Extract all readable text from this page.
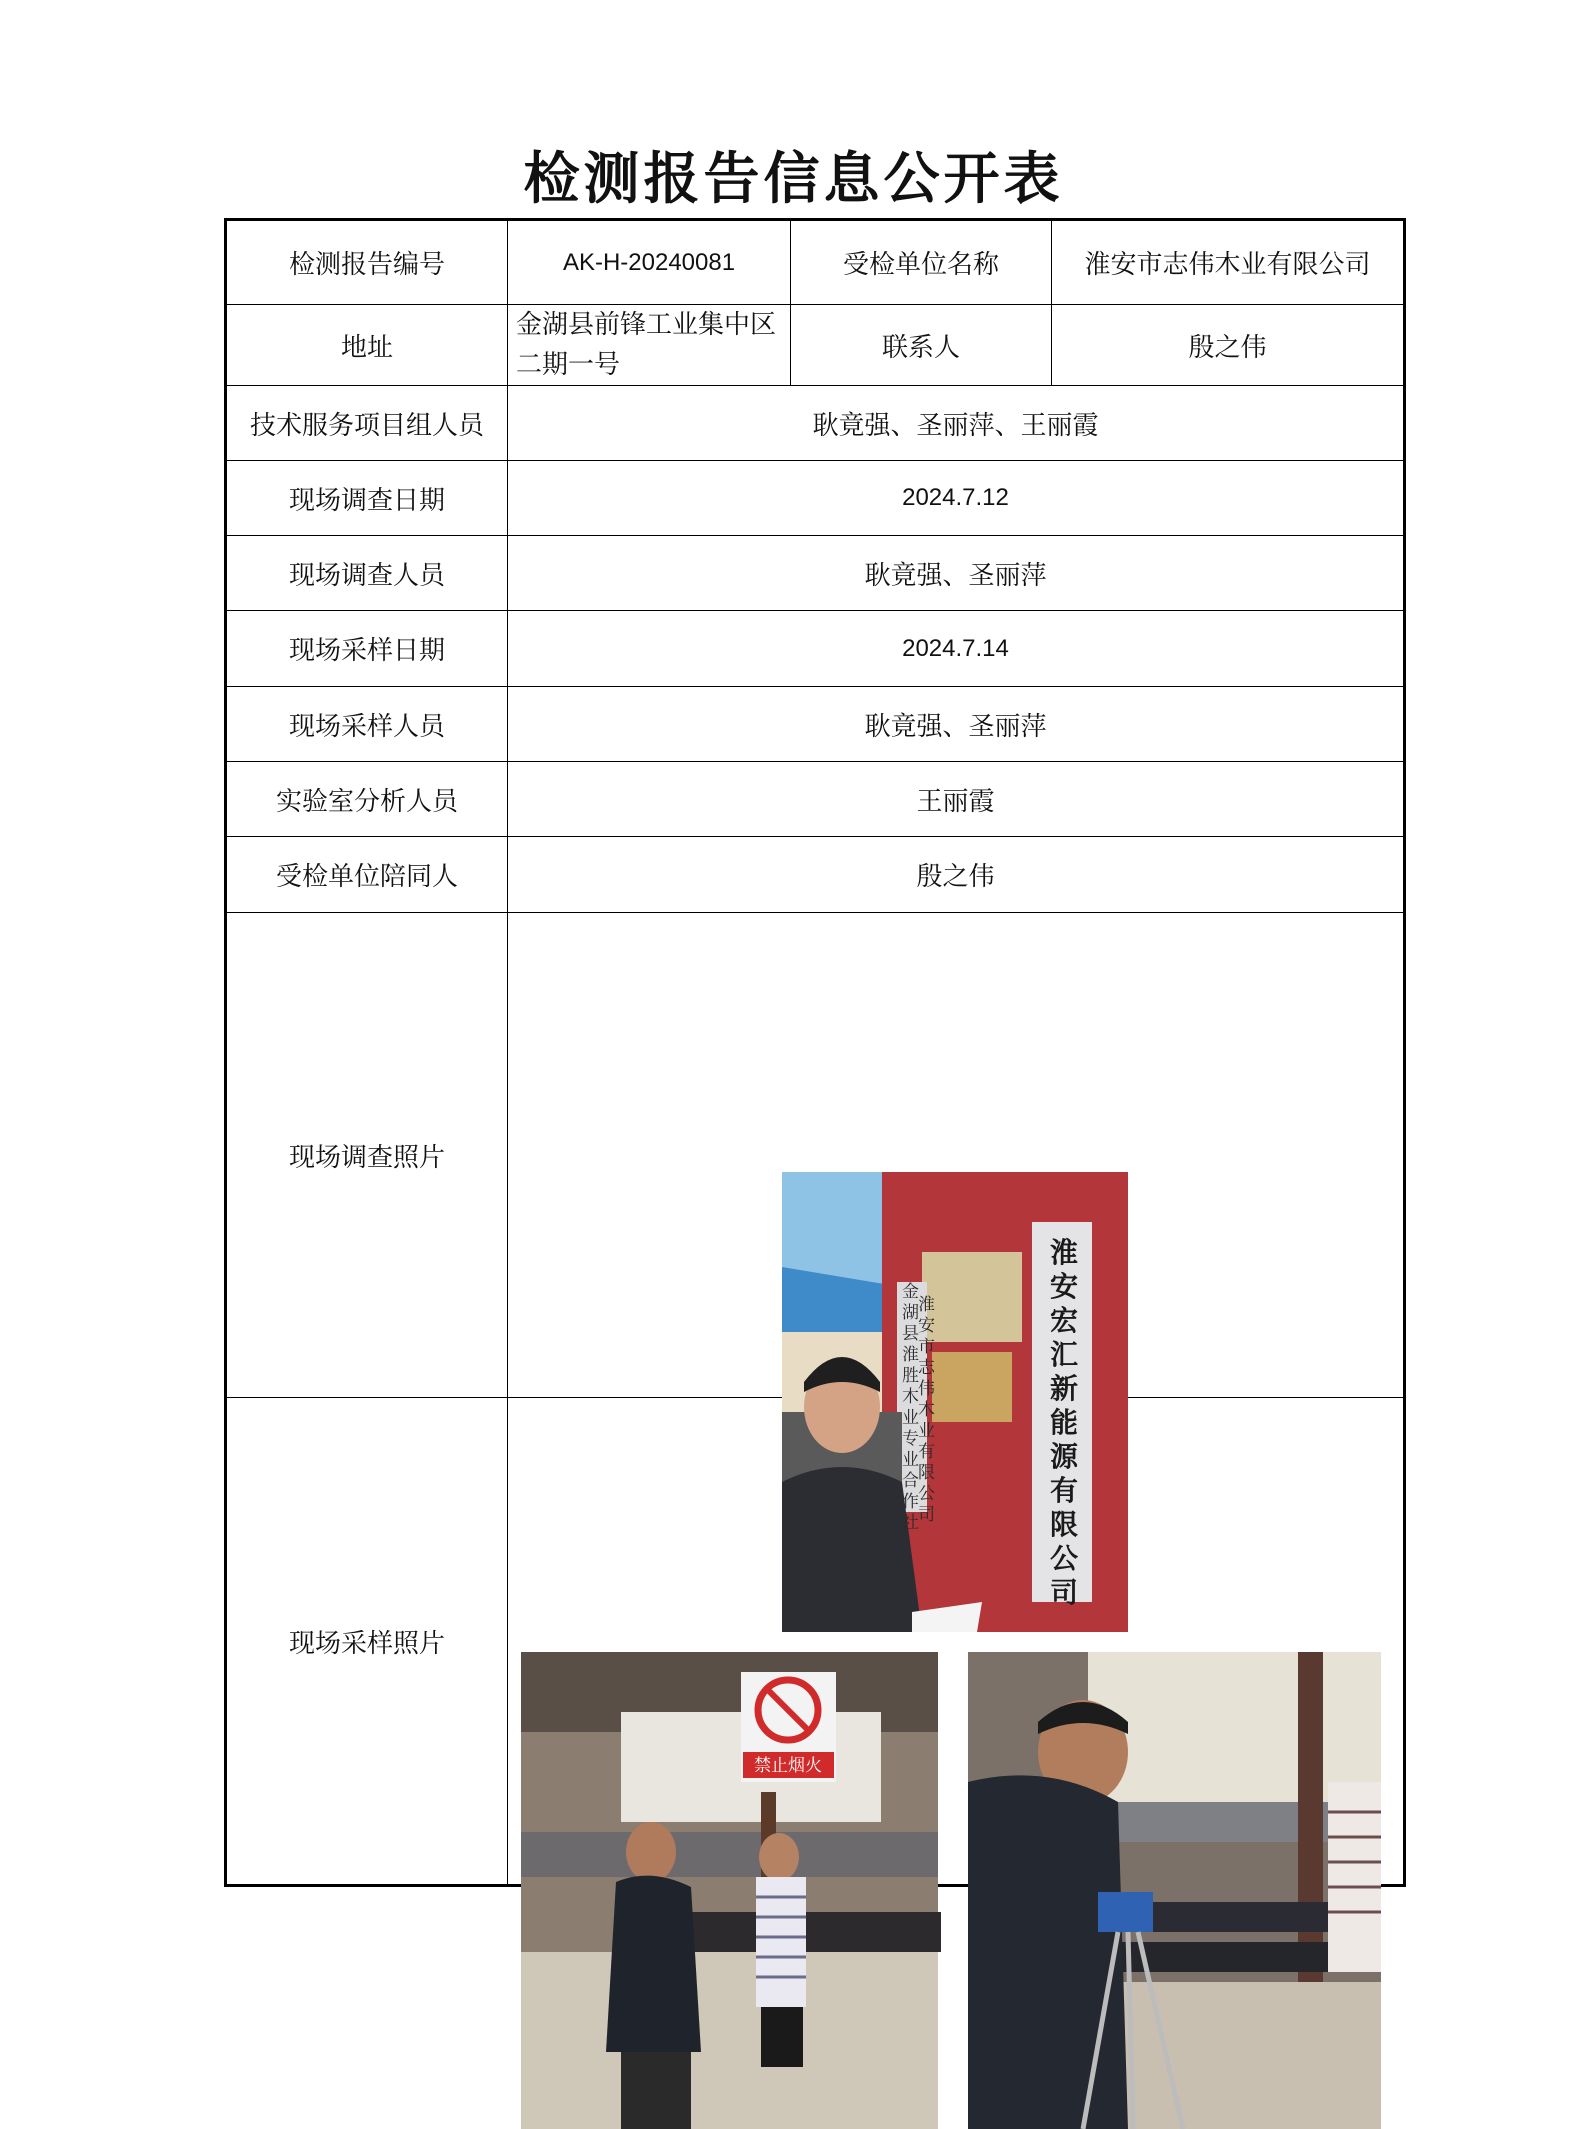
检测报告信息公开表
检测报告编号	AK-H-20240081	受检单位名称	淮安市志伟木业有限公司
地址	金湖县前锋工业集中区二期一号	联系人	殷之伟
技术服务项目组人员	耿竟强、圣丽萍、王丽霞		
现场调查日期	2024.7.12		
现场调查人员	耿竟强、圣丽萍		
现场采样日期	2024.7.14		
现场采样人员	耿竟强、圣丽萍		
实验室分析人员	王丽霞		
受检单位陪同人	殷之伟		
现场调查照片	淮安宏汇新能源有限公司
金湖县淮胜木业专业合作社
淮安市志伟木业有限公司		

现场采样照片	禁止烟火		
